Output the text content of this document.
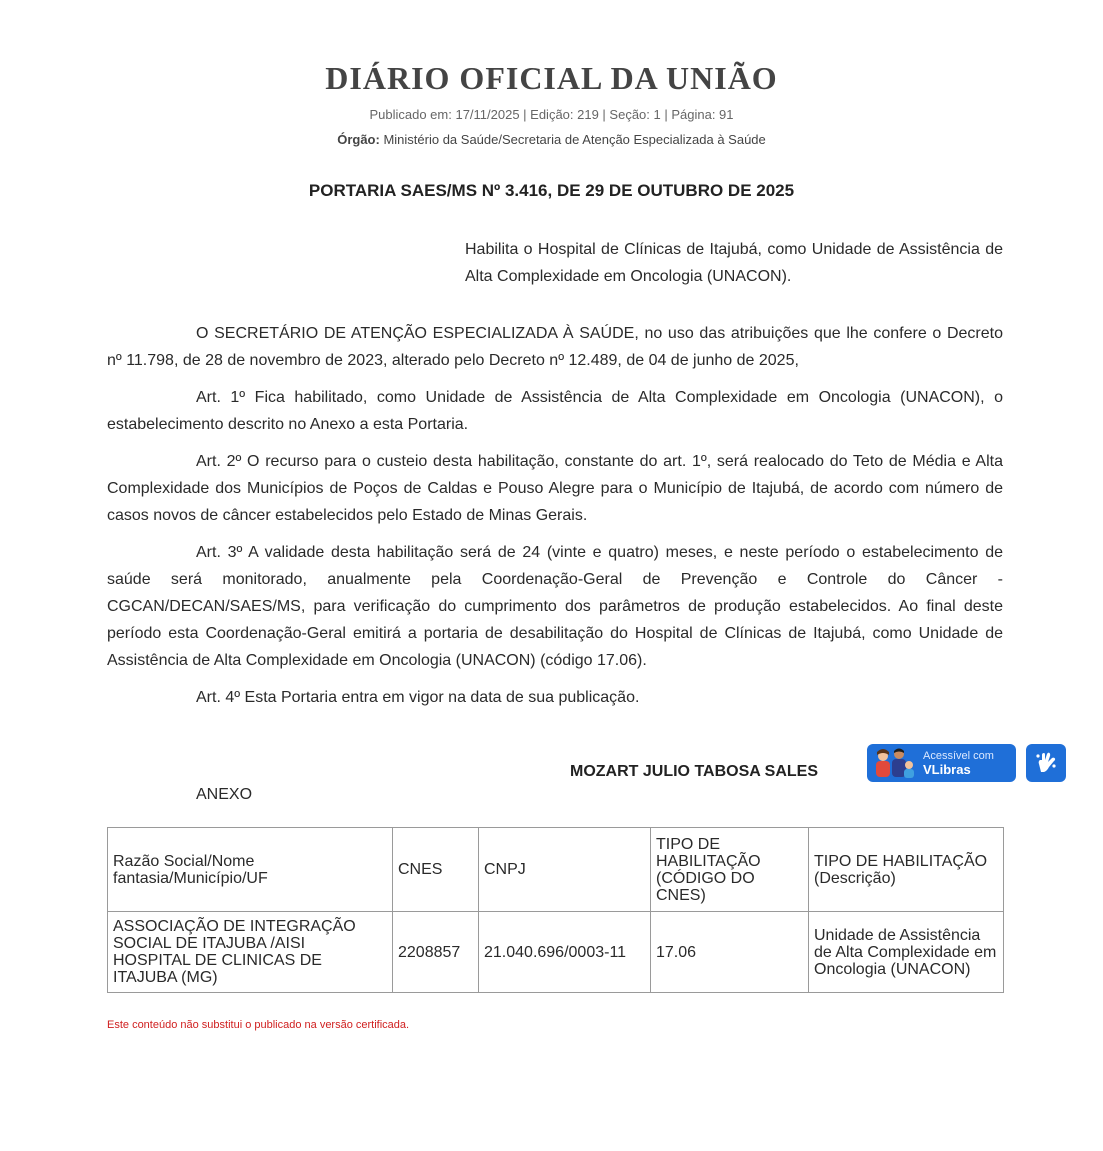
DIÁRIO OFICIAL DA UNIÃO
Publicado em: 17/11/2025 | Edição: 219 | Seção: 1 | Página: 91
Órgão: Ministério da Saúde/Secretaria de Atenção Especializada à Saúde
PORTARIA SAES/MS Nº 3.416, DE 29 DE OUTUBRO DE 2025
Habilita o Hospital de Clínicas de Itajubá, como Unidade de Assistência de Alta Complexidade em Oncologia (UNACON).

O SECRETÁRIO DE ATENÇÃO ESPECIALIZADA À SAÚDE, no uso das atribuições que lhe confere o Decreto nº 11.798, de 28 de novembro de 2023, alterado pelo Decreto nº 12.489, de 04 de junho de 2025,

Art. 1º Fica habilitado, como Unidade de Assistência de Alta Complexidade em Oncologia (UNACON), o estabelecimento descrito no Anexo a esta Portaria.

Art. 2º O recurso para o custeio desta habilitação, constante do art. 1º, será realocado do Teto de Média e Alta Complexidade dos Municípios de Poços de Caldas e Pouso Alegre para o Município de Itajubá, de acordo com número de casos novos de câncer estabelecidos pelo Estado de Minas Gerais.

Art. 3º A validade desta habilitação será de 24 (vinte e quatro) meses, e neste período o estabelecimento de saúde será monitorado, anualmente pela Coordenação-Geral de Prevenção e Controle do Câncer - CGCAN/DECAN/SAES/MS, para verificação do cumprimento dos parâmetros de produção estabelecidos. Ao final deste período esta Coordenação-Geral emitirá a portaria de desabilitação do Hospital de Clínicas de Itajubá, como Unidade de Assistência de Alta Complexidade em Oncologia (UNACON) (código 17.06).

Art. 4º Esta Portaria entra em vigor na data de sua publicação.

Acessível com
VLibras
MOZART JULIO TABOSA SALES
ANEXO
Razão Social/Nome fantasia/Município/UF	CNES	CNPJ	TIPO DE HABILITAÇÃO (CÓDIGO DO CNES)	TIPO DE HABILITAÇÃO (Descrição)
ASSOCIAÇÃO DE INTEGRAÇÃO SOCIAL DE ITAJUBA /AISI HOSPITAL DE CLINICAS DE ITAJUBA (MG)	2208857	21.040.696/0003-11	17.06	Unidade de Assistência de Alta Complexidade em Oncologia (UNACON)
Este conteúdo não substitui o publicado na versão certificada.
